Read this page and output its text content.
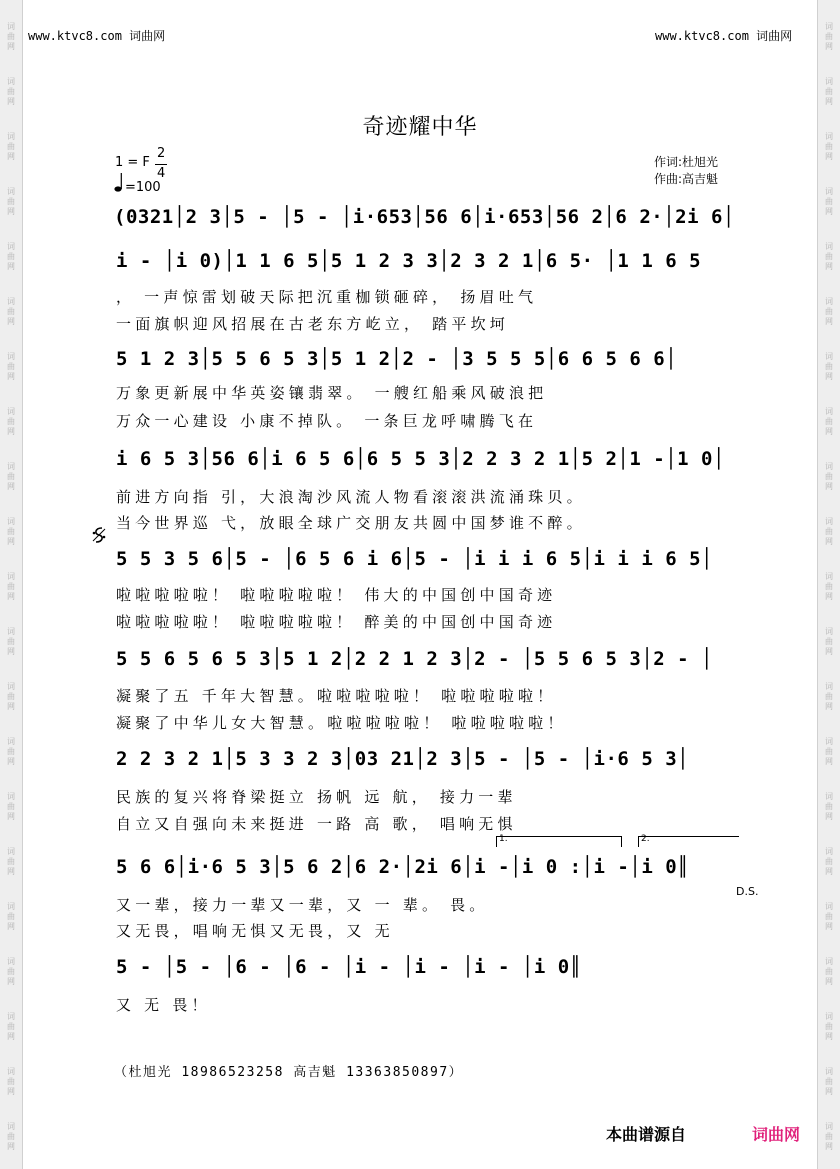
www.ktvc8.com 词曲网	www.ktvc8.com 词曲网
奇迹耀中华
1 = F
2
4
=100
作词:杜旭光
作曲:高吉魁
(0321│2 3│5 - │5 - │i·653│56 6│i·653│56 2│6 2·│2i 6│
i - │i 0)│1 1 6 5│5 1 2 3 3│2 3 2 1│6 5· │1 1 6 5
， 一声惊雷划破天际把沉重枷锁砸碎， 扬眉吐气
一面旗帜迎风招展在古老东方屹立， 踏平坎坷
5 1 2 3│5 5 6 5 3│5 1 2│2 - │3 5 5 5│6 6 5 6 6│
万象更新展中华英姿镶翡翠。 一艘红船乘风破浪把
万众一心建设 小康不掉队。 一条巨龙呼啸腾飞在
i 6 5 3│56 6│i 6 5 6│6 5 5 3│2 2 3 2 1│5 2│1 -│1 0│
前进方向指 引，大浪淘沙风流人物看滚滚洪流涌珠贝。
当今世界巡 弋，放眼全球广交朋友共圆中国梦谁不醉。
5 5 3 5 6│5 - │6 5 6 i 6│5 - │i i i 6 5│i i i 6 5│
啦啦啦啦啦！ 啦啦啦啦啦！ 伟大的中国创中国奇迹
啦啦啦啦啦！ 啦啦啦啦啦！ 醉美的中国创中国奇迹
5 5 6 5 6 5 3│5 1 2│2 2 1 2 3│2 - │5 5 6 5 3│2 - │
凝聚了五 千年大智慧。啦啦啦啦啦！ 啦啦啦啦啦！
凝聚了中华儿女大智慧。啦啦啦啦啦！ 啦啦啦啦啦！
2 2 3 2 1│5 3 3 2 3│03 21│2 3│5 - │5 - │i·6 5 3│
民族的复兴将脊梁挺立 扬帆 远 航， 接力一辈
自立又自强向未来挺进 一路 高 歌， 唱响无惧
1.	2.
5 6 6│i·6 5 3│5 6 2│6 2·│2i 6│i -│i 0 :│i -│i 0║
D.S.
又一辈，接力一辈又一辈，又 一 辈。 畏。
又无畏，唱响无惧又无畏，又 无
5 - │5 - │6 - │6 - │i - │i - │i - │i 0║
又 无 畏！
（杜旭光 18986523258 高吉魁 13363850897）
本曲谱源自	词曲网
词曲网
词曲网
词曲网
词曲网
词曲网
词曲网
词曲网
词曲网
词曲网
词曲网
词曲网
词曲网
词曲网
词曲网
词曲网
词曲网
词曲网
词曲网
词曲网
词曲网
词曲网
词曲网
词曲网
词曲网
词曲网
词曲网
词曲网
词曲网
词曲网
词曲网
词曲网
词曲网
词曲网
词曲网
词曲网
词曲网
词曲网
词曲网
词曲网
词曲网
词曲网
词曲网
